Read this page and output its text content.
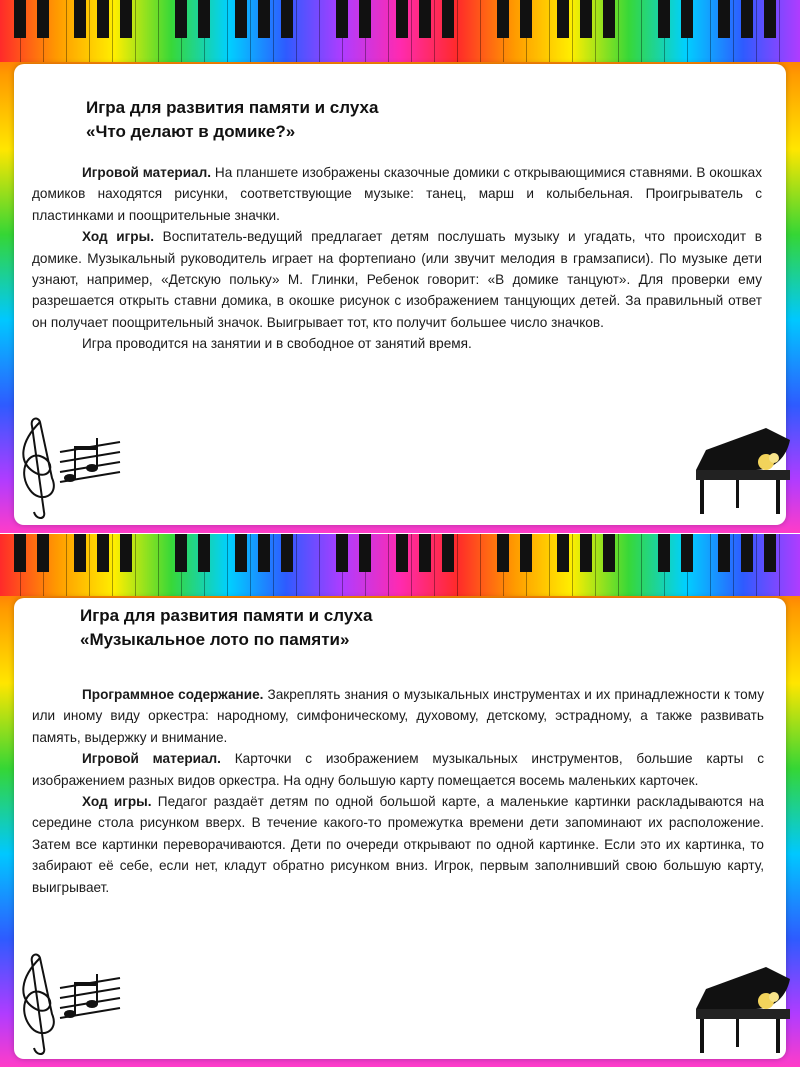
Игра для развития памяти и слуха
«Что делают в домике?»

Игровой материал. На планшете изображены сказочные домики с открывающимися ставнями. В окошках домиков находятся рисунки, соответствующие музыке: танец, марш и колыбельная. Проигрыватель с пластинками и поощрительные значки.

Ход игры. Воспитатель-ведущий предлагает детям послушать музыку и угадать, что происходит в домике. Музыкальный руководитель играет на фортепиано (или звучит мелодия в грамзаписи). По музыке дети узнают, например, «Детскую польку» М. Глинки, Ребенок говорит: «В домике танцуют». Для проверки ему разрешается открыть ставни домика, в окошке рисунок с изображением танцующих детей. За правильный ответ он получает поощрительный значок. Выигрывает тот, кто получит большее число значков.

Игра проводится на занятии и в свободное от занятий время.

Игра для развития памяти и слуха
«Музыкальное лото по памяти»

Программное содержание. Закреплять знания о музыкальных инструментах и их принадлежности к тому или иному виду оркестра: народному, симфоническому, духовому, детскому, эстрадному, а также развивать память, выдержку и внимание.

Игровой материал. Карточки с изображением музыкальных инструментов, большие карты с изображением разных видов оркестра. На одну большую карту помещается восемь маленьких карточек.

Ход игры. Педагог раздаёт детям по одной большой карте, а маленькие картинки раскладываются на середине стола рисунком вверх. В течение какого-то промежутка времени дети запоминают их расположение. Затем все картинки переворачиваются. Дети по очереди открывают по одной картинке. Если это их картинка, то забирают её себе, если нет, кладут обратно рисунком вниз. Игрок, первым заполнивший свою большую карту, выигрывает.
